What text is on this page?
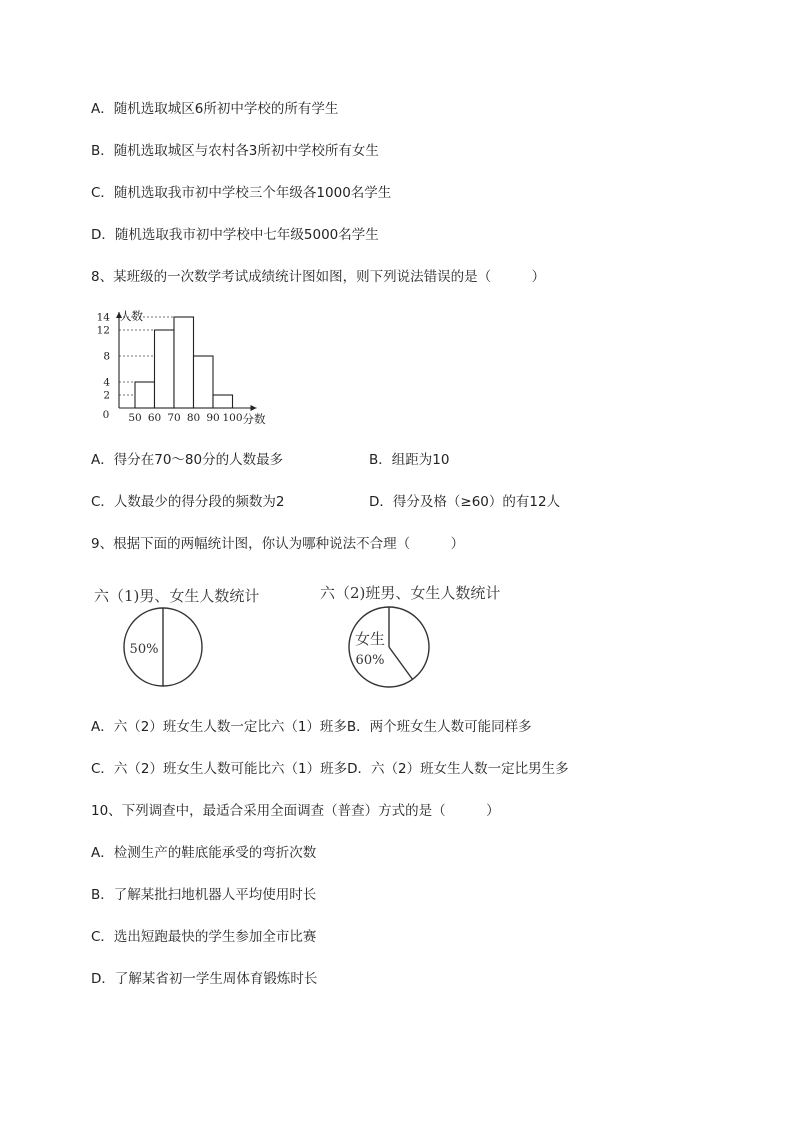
A．随机选取城区6所初中学校的所有学生
B．随机选取城区与农村各3所初中学校所有女生
C．随机选取我市初中学校三个年级各1000名学生
D．随机选取我市初中学校中七年级5000名学生
8、某班级的一次数学考试成绩统计图如图，则下列说法错误的是（　　　）
2
4
8
12
14
0 50 60 70 80 90 100
人数
分数
A．得分在70～80分的人数最多	B．组距为10
C．人数最少的得分段的频数为2	D．得分及格（≥60）的有12人
9、根据下面的两幅统计图，你认为哪种说法不合理（　　　）
六（1)男、女生人数统计
50%
六（2)班男、女生人数统计
女生
60%
A．六（2）班女生人数一定比六（1）班多B．两个班女生人数可能同样多
C．六（2）班女生人数可能比六（1）班多D．六（2）班女生人数一定比男生多
10、下列调查中，最适合采用全面调查（普查）方式的是（　　　）
A．检测生产的鞋底能承受的弯折次数
B．了解某批扫地机器人平均使用时长
C．选出短跑最快的学生参加全市比赛
D．了解某省初一学生周体育锻炼时长
